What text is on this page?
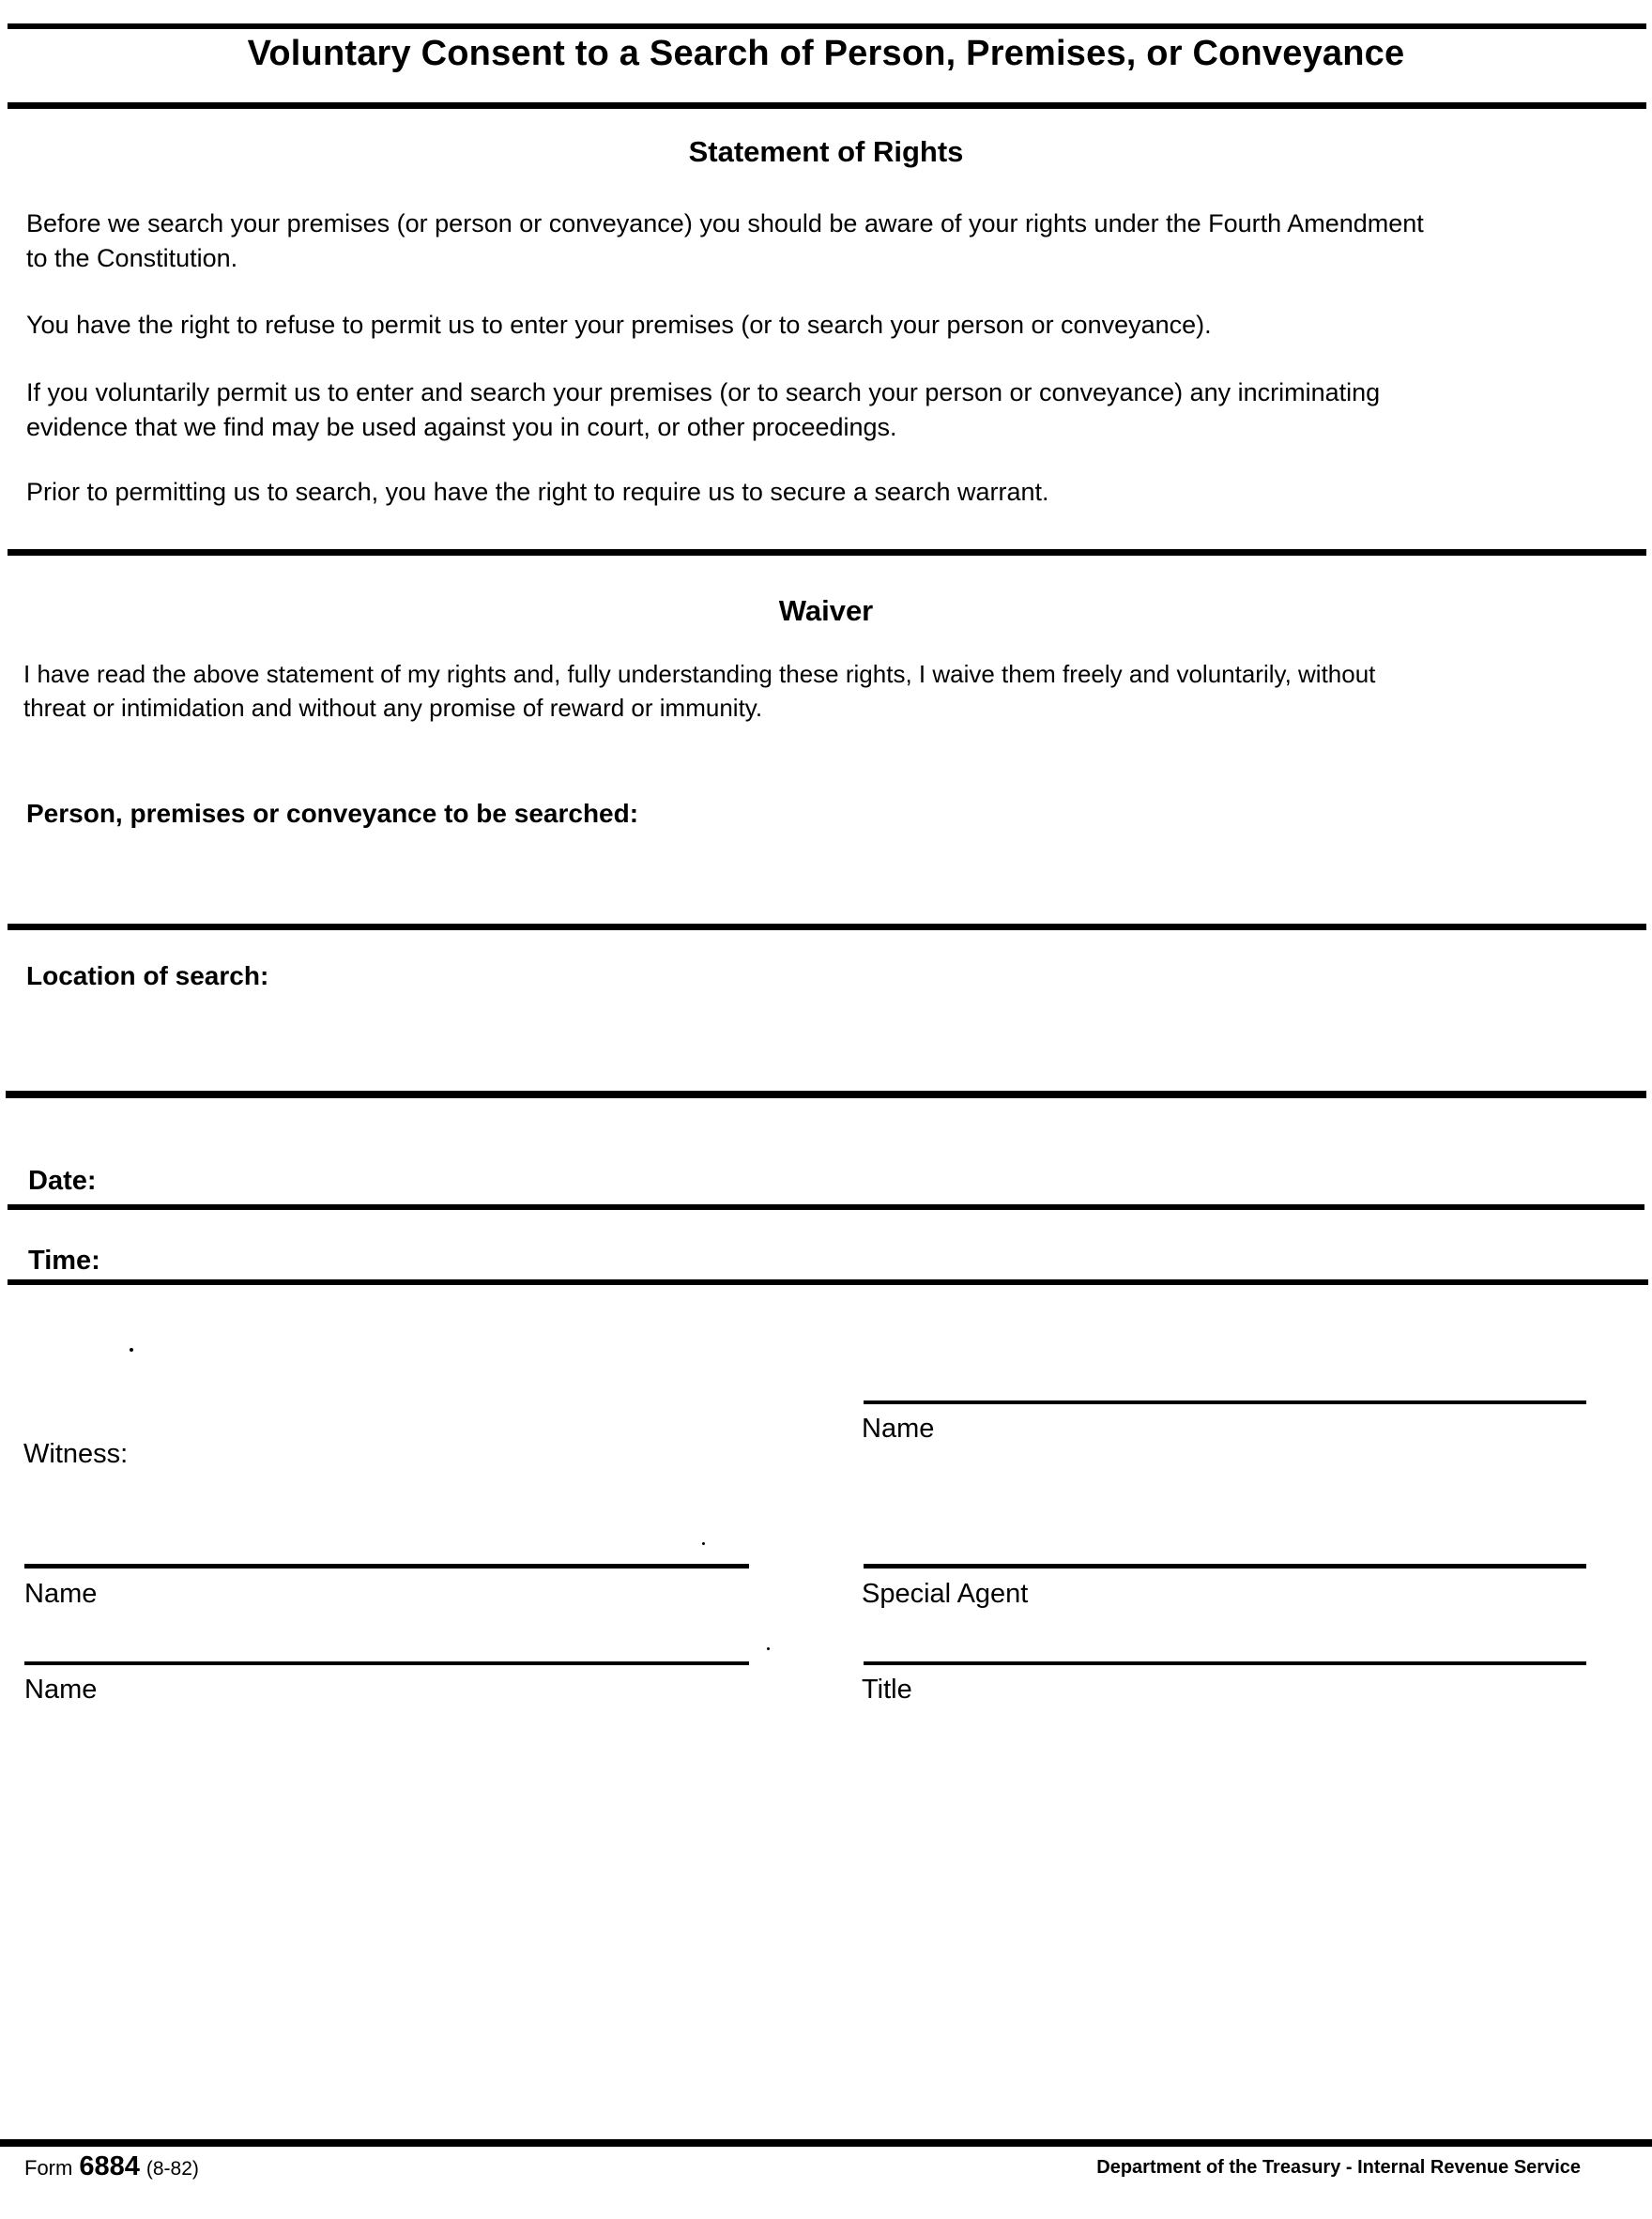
Voluntary Consent to a Search of Person, Premises, or Conveyance
Statement of Rights
Before we search your premises (or person or conveyance) you should be aware of your rights under the Fourth Amendment
to the Constitution.
You have the right to refuse to permit us to enter your premises (or to search your person or conveyance).
If you voluntarily permit us to enter and search your premises (or to search your person or conveyance) any incriminating
evidence that we find may be used against you in court, or other proceedings.
Prior to permitting us to search, you have the right to require us to secure a search warrant.
Waiver
I have read the above statement of my rights and, fully understanding these rights, I waive them freely and voluntarily, without
threat or intimidation and without any promise of reward or immunity.
Person, premises or conveyance to be searched:
Location of search:
Date:
Time:
Name
Witness:
Name	Special Agent
Name	Title
Form 6884 (8-82)	Department of the Treasury - Internal Revenue Service
